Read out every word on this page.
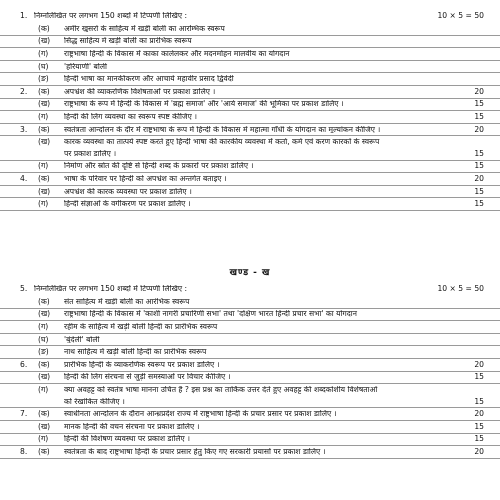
1. निम्नलिखित पर लगभग 150 शब्दों में टिप्पणी लिखिए :	10 × 5 = 50
(क)	अमीर खुसरो के साहित्य में खड़ी बोली का आरम्भिक स्वरूप
(ख)	सिद्ध साहित्य में खड़ी बोली का प्रारंभिक स्वरूप
(ग)	राष्ट्रभाषा हिन्दी के विकास में काका कालेलकर और मदनमोहन मालवीय का योगदान
(घ)	'हरियाणी' बोली
(ङ)	हिन्दी भाषा का मानकीकरण और आचार्य महावीर प्रसाद द्विवेदी
2.	(क)	अपभ्रंश की व्याकरणिक विशेषताओं पर प्रकाश डालिए ।	20
(ख)	राष्ट्रभाषा के रूप में हिन्दी के विकास में 'ब्रह्म समाज' और 'आर्य समाज' की भूमिका पर प्रकाश डालिए ।	15
(ग)	हिन्दी की लिंग व्यवस्था का स्वरूप स्पष्ट कीजिए ।	15
3.	(क)	स्वतंत्रता आन्दोलन के दौर में राष्ट्रभाषा के रूप में हिन्दी के विकास में महात्मा गाँधी के योगदान का मूल्यांकन कीजिए ।	20
(ख)	कारक व्यवस्था का तात्पर्य स्पष्ट करते हुए हिन्दी भाषा की कारकीय व्यवस्था में कर्ता, कर्म एवं करण कारकों के स्वरूप
पर प्रकाश डालिए ।	15
(ग)	निर्माण और स्रोत की दृष्टि से हिन्दी शब्द के प्रकारों पर प्रकाश डालिए ।	15
4.	(क)	भाषा के परिवार पर हिन्दी को अपभ्रंश का अन्तर्गत बताइए ।	20
(ख)	अपभ्रंश की कारक व्यवस्था पर प्रकाश डालिए ।	15
(ग)	हिन्दी संज्ञाओं के वर्गीकरण पर प्रकाश डालिए ।	15
खण्ड - ख
5. निम्नलिखित पर लगभग 150 शब्दों में टिप्पणी लिखिए :	10 × 5 = 50
(क)	संत साहित्य में खड़ी बोली का आरंभिक स्वरूप
(ख)	राष्ट्रभाषा हिन्दी के विकास में 'काशी नागरी प्रचारिणी सभा' तथा 'दक्षिण भारत हिन्दी प्रचार सभा' का योगदान
(ग)	रहीम के साहित्य में खड़ी बोली हिन्दी का प्रारंभिक स्वरूप
(घ)	'बुंदेली' बोली
(ङ)	नाथ साहित्य में खड़ी बोली हिन्दी का प्रारंभिक स्वरूप
6.	(क)	प्रारंभिक हिन्दी के व्याकरणिक स्वरूप पर प्रकाश डालिए ।	20
(ख)	हिन्दी की लिंग संरचना से जुड़ी समस्याओं पर विचार कीजिए ।	15
(ग)	क्या अवहट्ट को स्वतंत्र भाषा मानना उचित है ? इस प्रश्न का तार्किक उत्तर देते हुए अवहट्ट की शब्दकोशीय विशेषताओं
को रेखांकित कीजिए ।	15
7.	(क)	स्वाधीनता आन्दोलन के दौरान आन्ध्रप्रदेश राज्य में राष्ट्रभाषा हिन्दी के प्रचार प्रसार पर प्रकाश डालिए ।	20
(ख)	मानक हिन्दी की वचन संरचना पर प्रकाश डालिए ।	15
(ग)	हिन्दी की विशेषण व्यवस्था पर प्रकाश डालिए ।	15
8.	(क)	स्वतंत्रता के बाद राष्ट्रभाषा हिन्दी के प्रचार प्रसार हेतु किए गए सरकारी प्रयासों पर प्रकाश डालिए ।	20
